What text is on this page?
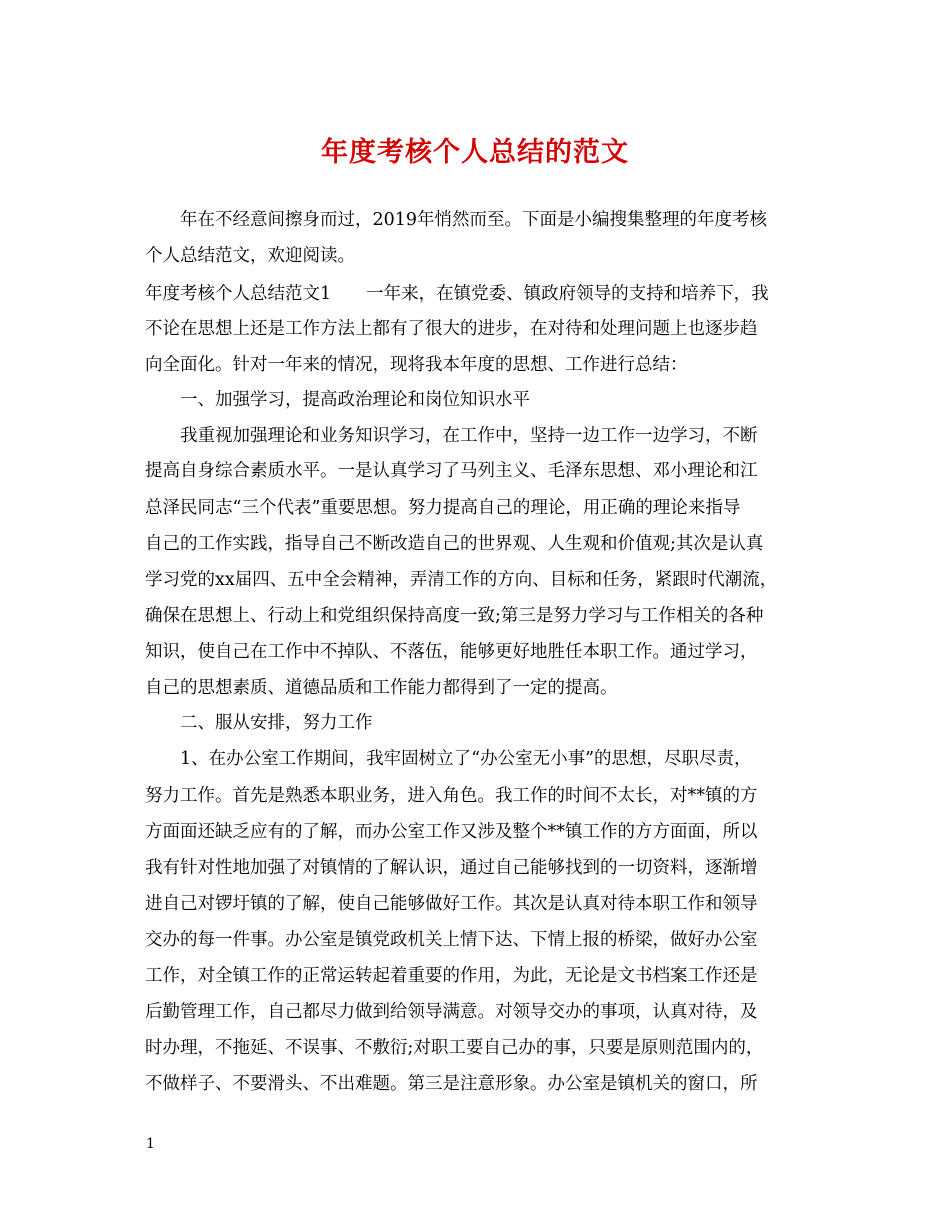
年度考核个人总结的范文
年在不经意间擦身而过，2019年悄然而至。下面是小编搜集整理的年度考核
个人总结范文，欢迎阅读。
年度考核个人总结范文1　　一年来，在镇党委、镇政府领导的支持和培养下，我
不论在思想上还是工作方法上都有了很大的进步，在对待和处理问题上也逐步趋
向全面化。针对一年来的情况，现将我本年度的思想、工作进行总结：
一、加强学习，提高政治理论和岗位知识水平
我重视加强理论和业务知识学习，在工作中，坚持一边工作一边学习，不断
提高自身综合素质水平。一是认真学习了马列主义、毛泽东思想、邓小理论和江
总泽民同志“三个代表”重要思想。努力提高自己的理论，用正确的理论来指导
自己的工作实践，指导自己不断改造自己的世界观、人生观和价值观;其次是认真
学习党的xx届四、五中全会精神，弄清工作的方向、目标和任务，紧跟时代潮流，
确保在思想上、行动上和党组织保持高度一致;第三是努力学习与工作相关的各种
知识，使自己在工作中不掉队、不落伍，能够更好地胜任本职工作。通过学习，
自己的思想素质、道德品质和工作能力都得到了一定的提高。
二、服从安排，努力工作
1、在办公室工作期间，我牢固树立了“办公室无小事”的思想，尽职尽责，
努力工作。首先是熟悉本职业务，进入角色。我工作的时间不太长，对**镇的方
方面面还缺乏应有的了解，而办公室工作又涉及整个**镇工作的方方面面，所以
我有针对性地加强了对镇情的了解认识，通过自己能够找到的一切资料，逐渐增
进自己对锣圩镇的了解，使自己能够做好工作。其次是认真对待本职工作和领导
交办的每一件事。办公室是镇党政机关上情下达、下情上报的桥梁，做好办公室
工作，对全镇工作的正常运转起着重要的作用，为此，无论是文书档案工作还是
后勤管理工作，自己都尽力做到给领导满意。对领导交办的事项，认真对待，及
时办理，不拖延、不误事、不敷衍;对职工要自己办的事，只要是原则范围内的，
不做样子、不要滑头、不出难题。第三是注意形象。办公室是镇机关的窗口，所
1
